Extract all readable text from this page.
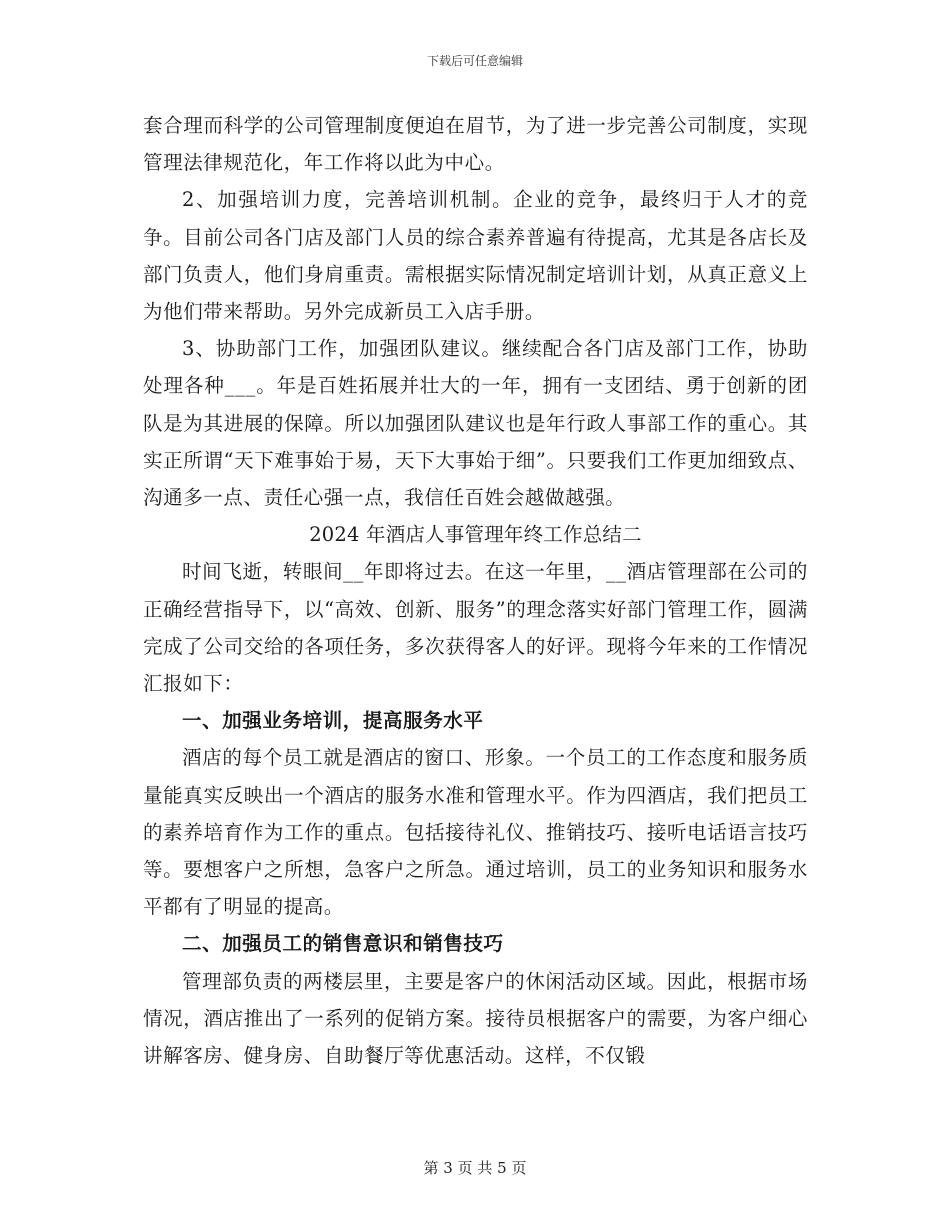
下载后可任意编辑

套合理而科学的公司管理制度便迫在眉节，为了进一步完善公司制度，实现管理法律规范化，年工作将以此为中心。

2、加强培训力度，完善培训机制。企业的竞争，最终归于人才的竞争。目前公司各门店及部门人员的综合素养普遍有待提高，尤其是各店长及部门负责人，他们身肩重责。需根据实际情况制定培训计划，从真正意义上为他们带来帮助。另外完成新员工入店手册。

3、协助部门工作，加强团队建议。继续配合各门店及部门工作，协助处理各种___。年是百姓拓展并壮大的一年，拥有一支团结、勇于创新的团队是为其进展的保障。所以加强团队建议也是年行政人事部工作的重心。其实正所谓“天下难事始于易，天下大事始于细”。只要我们工作更加细致点、沟通多一点、责任心强一点，我信任百姓会越做越强。

2024 年酒店人事管理年终工作总结二

时间飞逝，转眼间__年即将过去。在这一年里，__酒店管理部在公司的正确经营指导下，以“高效、创新、服务”的理念落实好部门管理工作，圆满完成了公司交给的各项任务，多次获得客人的好评。现将今年来的工作情况汇报如下：

一、加强业务培训，提高服务水平

酒店的每个员工就是酒店的窗口、形象。一个员工的工作态度和服务质量能真实反映出一个酒店的服务水准和管理水平。作为四酒店，我们把员工的素养培育作为工作的重点。包括接待礼仪、推销技巧、接听电话语言技巧等。要想客户之所想，急客户之所急。通过培训，员工的业务知识和服务水平都有了明显的提高。

二、加强员工的销售意识和销售技巧

管理部负责的两楼层里，主要是客户的休闲活动区域。因此，根据市场情况，酒店推出了一系列的促销方案。接待员根据客户的需要，为客户细心讲解客房、健身房、自助餐厅等优惠活动。这样，不仅锻

第 3 页 共 5 页
